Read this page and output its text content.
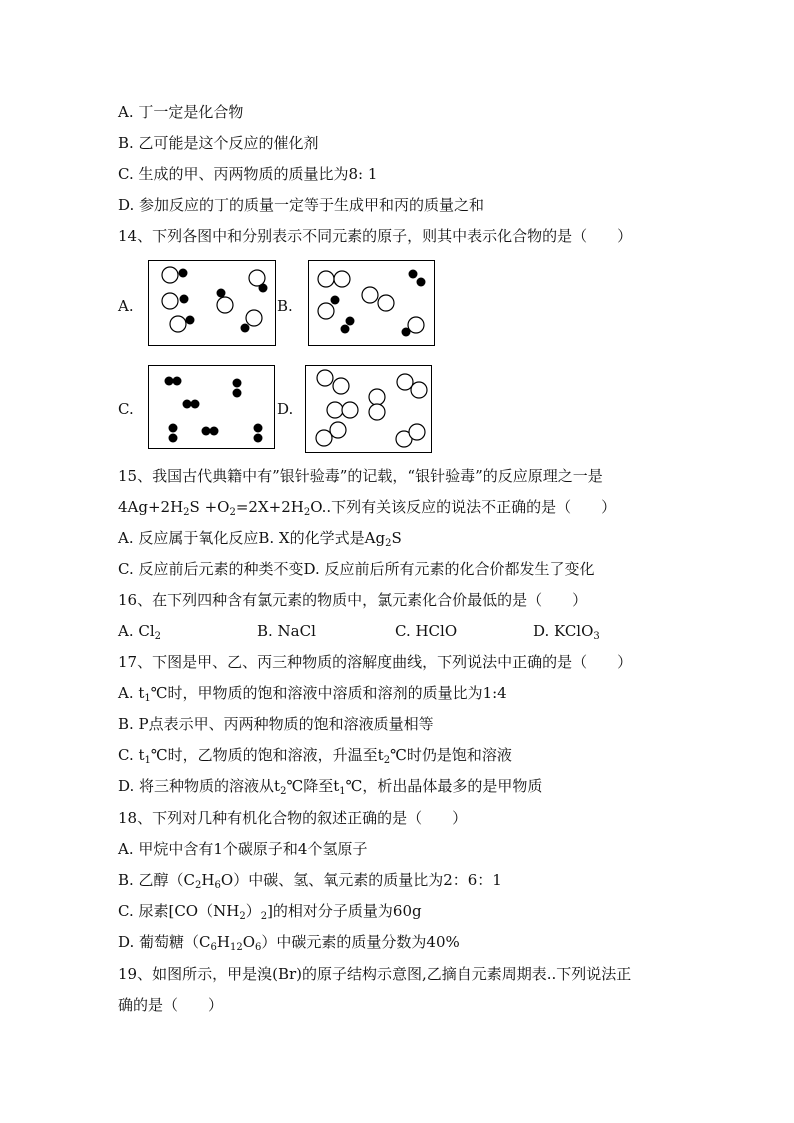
A. 丁一定是化合物
B. 乙可能是这个反应的催化剂
C. 生成的甲、丙两物质的质量比为8: 1
D. 参加反应的丁的质量一定等于生成甲和丙的质量之和
14、下列各图中和分别表示不同元素的原子，则其中表示化合物的是（　　）
A.	B.
C.	D.
15、我国古代典籍中有”银针验毒”的记载，“银针验毒”的反应原理之一是
$4Ag+2H_2S +O_2=2X+2H_2O$..下列有关该反应的说法不正确的是（　　）
A. 反应属于氧化反应B. X的化学式是$Ag_2S$
C. 反应前后元素的种类不变D. 反应前后所有元素的化合价都发生了变化
16、在下列四种含有氯元素的物质中，氯元素化合价最低的是（　　）
A. $Cl_2$	B. NaCl	C. HClO	D. KClO$_3$
17、下图是甲、乙、丙三种物质的溶解度曲线，下列说法中正确的是（　　）
A. $t_1℃$时，甲物质的饱和溶液中溶质和溶剂的质量比为1:4
B. P点表示甲、丙两种物质的饱和溶液质量相等
C. $t_1℃$时，乙物质的饱和溶液，升温至$t_2℃$时仍是饱和溶液
D. 将三种物质的溶液从$t_2℃$降至$t_1℃$，析出晶体最多的是甲物质
18、下列对几种有机化合物的叙述正确的是（　　）
A. 甲烷中含有1个碳原子和4个氢原子
B. 乙醇$(C_2H_6O)$中碳、氢、氧元素的质量比为2：6：1
C. 尿素$[CO(NH_2)_2]$的相对分子质量为60g
D. 葡萄糖$(C_6H_{12}O_6)$中碳元素的质量分数为40%
19、如图所示，甲是溴(Br)的原子结构示意图,乙摘自元素周期表..下列说法正
确的是（　　）
